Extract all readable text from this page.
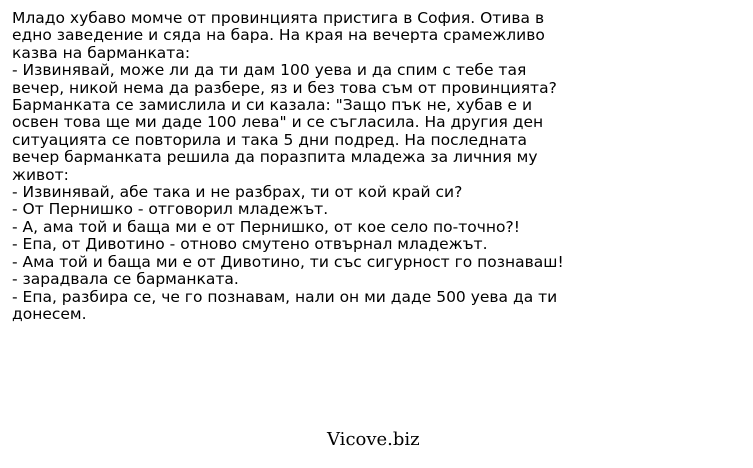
Младо хубаво момче от провинцията пристига в София. Отива в
едно заведение и сяда на бара. На края на вечерта срамежливо
казва на барманката:
- Извинявай, може ли да ти дам 100 уева и да спим с тебе тая
вечер, никой нема да разбере, яз и без това съм от провинцията?
Барманката се замислила и си казала: "Защо пък не, хубав е и
освен това ще ми даде 100 лева" и се съгласила. На другия ден
ситуацията се повторила и така 5 дни подред. На последната
вечер барманката решила да поразпита младежа за личния му
живот:
- Извинявай, абе така и не разбрах, ти от кой край си?
- От Пернишко - отговорил младежът.
- А, ама той и баща ми е от Пернишко, от кое село по-точно?!
- Епа, от Дивотино - отново смутено отвърнал младежът.
- Ама той и баща ми е от Дивотино, ти със сигурност го познаваш!
- зарадвала се барманката.
- Епа, разбира се, че го познавам, нали он ми даде 500 уева да ти
донесем.
Vicove.biz
